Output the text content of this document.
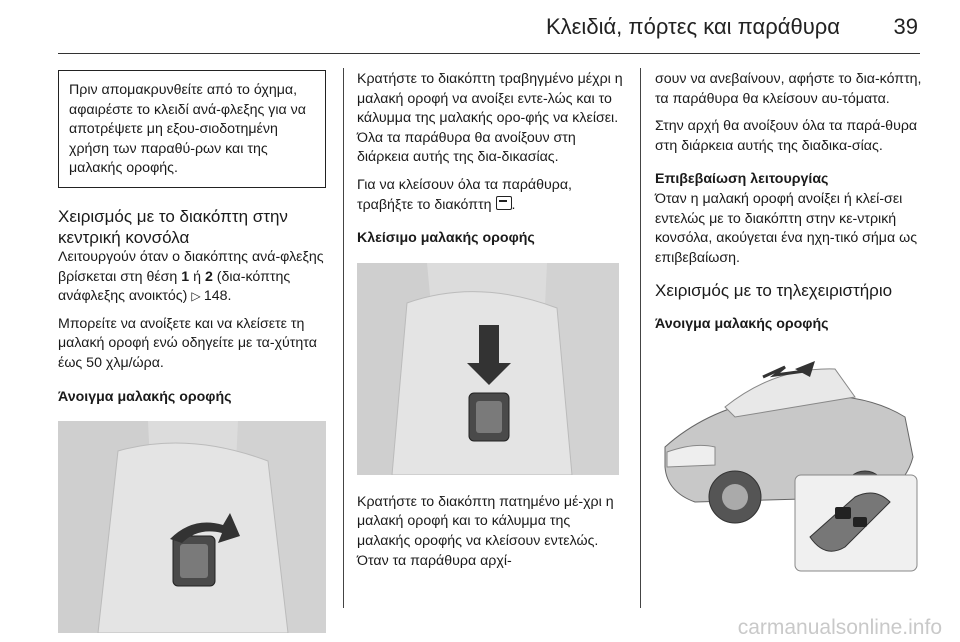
Κλειδιά, πόρτες και παράθυρα 39
Πριν απομακρυνθείτε από το όχημα, αφαιρέστε το κλειδί ανά-φλεξης για να αποτρέψετε μη εξου-σιοδοτημένη χρήση των παραθύ-ρων και της μαλακής οροφής.
Χειρισμός με το διακόπτη στην κεντρική κονσόλα

Λειτουργούν όταν ο διακόπτης ανά-φλεξης βρίσκεται στη θέση 1 ή 2 (δια-κόπτης ανάφλεξης ανοικτός) ▷ 148.

Μπορείτε να ανοίξετε και να κλείσετε τη μαλακή οροφή ενώ οδηγείτε με τα-χύτητα έως 50 χλμ/ώρα.

Άνοιγμα μαλακής οροφής

Κρατήστε το διακόπτη τραβηγμένο μέχρι η μαλακή οροφή να ανοίξει εντε-λώς και το κάλυμμα της μαλακής ορο-φής να κλείσει. Όλα τα παράθυρα θα ανοίξουν στη διάρκεια αυτής της δια-δικασίας.

Για να κλείσουν όλα τα παράθυρα, τραβήξτε το διακόπτη .

Κλείσιμο μαλακής οροφής

Κρατήστε το διακόπτη πατημένο μέ-χρι η μαλακή οροφή και το κάλυμμα της μαλακής οροφής να κλείσουν εντελώς. Όταν τα παράθυρα αρχί-

σουν να ανεβαίνουν, αφήστε το δια-κόπτη, τα παράθυρα θα κλείσουν αυ-τόματα.

Στην αρχή θα ανοίξουν όλα τα παρά-θυρα στη διάρκεια αυτής της διαδικα-σίας.

Επιβεβαίωση λειτουργίας

Όταν η μαλακή οροφή ανοίξει ή κλεί-σει εντελώς με το διακόπτη στην κε-ντρική κονσόλα, ακούγεται ένα ηχη-τικό σήμα ως επιβεβαίωση.

Χειρισμός με το τηλεχειριστήριο
Άνοιγμα μαλακής οροφής
carmanualsonline.info
